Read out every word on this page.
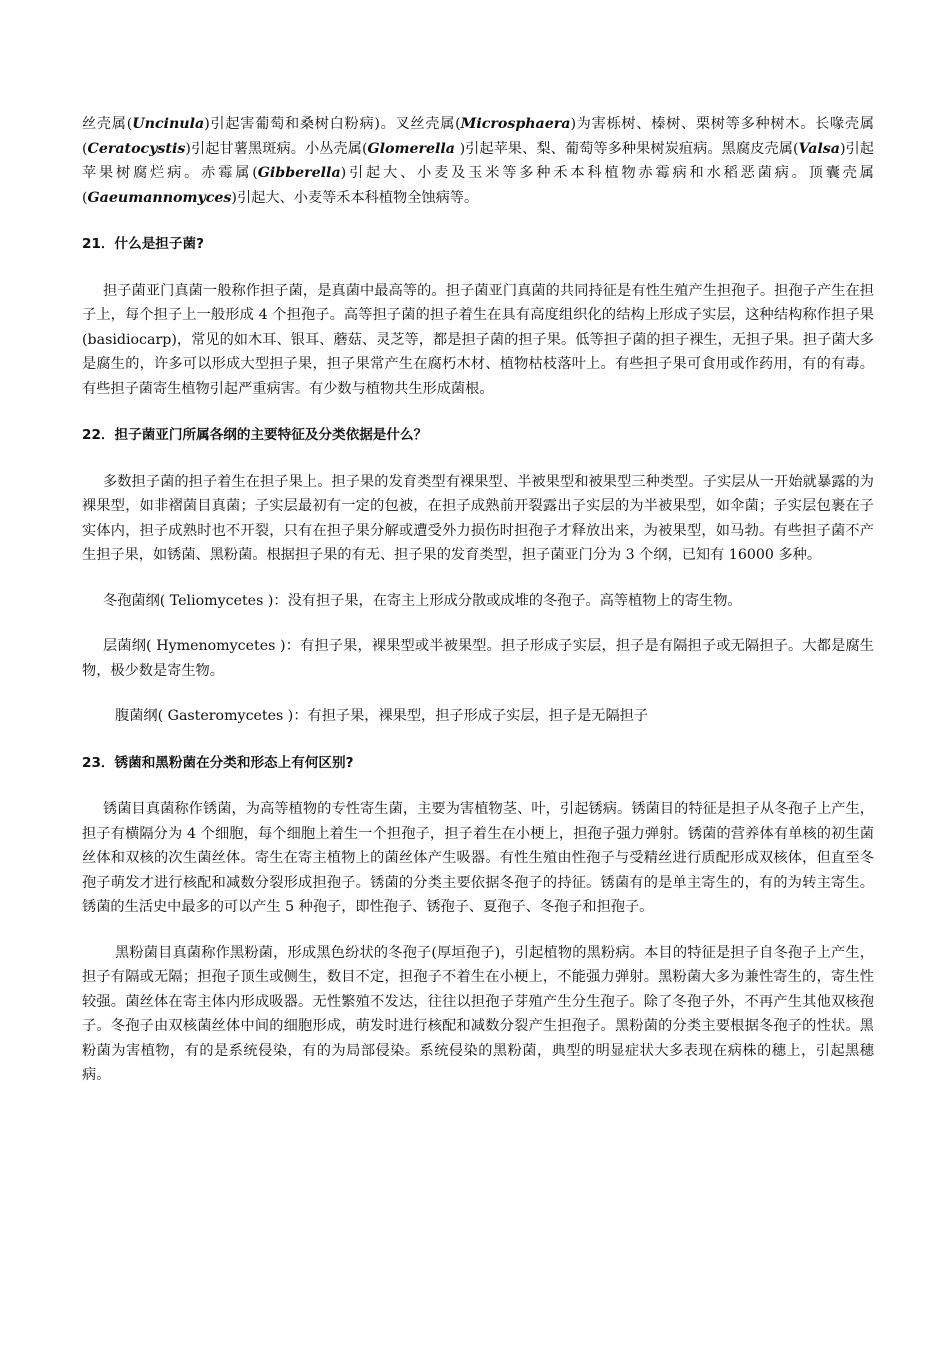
丝壳属(Uncinula)引起害葡萄和桑树白粉病)。叉丝壳属(Microsphaera)为害栎树、榛树、栗树等多种树木。长喙壳属(Ceratocystis)引起甘薯黑斑病。小丛壳属(Glomerella )引起苹果、梨、葡萄等多种果树炭疽病。黑腐皮壳属(Valsa)引起苹果树腐烂病。赤霉属(Gibberella)引起大、小麦及玉米等多种禾本科植物赤霉病和水稻恶菌病。顶囊壳属(Gaeumannomyces)引起大、小麦等禾本科植物全蚀病等。

21．什么是担子菌?

担子菌亚门真菌一般称作担子菌，是真菌中最高等的。担子菌亚门真菌的共同持征是有性生殖产生担孢子。担孢子产生在担子上，每个担子上一般形成 4 个担孢子。高等担子菌的担子着生在具有高度组织化的结构上形成子实层，这种结构称作担子果(basidiocarp)，常见的如木耳、银耳、蘑菇、灵芝等，都是担子菌的担子果。低等担子菌的担子裸生，无担子果。担子菌大多是腐生的，许多可以形成大型担子果，担子果常产生在腐朽木材、植物枯枝落叶上。有些担子果可食用或作药用，有的有毒。有些担子菌寄生植物引起严重病害。有少数与植物共生形成菌根。

22．担子菌亚门所属各纲的主要特征及分类依据是什么？

多数担子菌的担子着生在担子果上。担子果的发育类型有裸果型、半被果型和被果型三种类型。子实层从一开始就暴露的为裸果型，如非褶菌目真菌；子实层最初有一定的包被，在担子成熟前开裂露出子实层的为半被果型，如伞菌；子实层包裹在子实体内，担子成熟时也不开裂，只有在担子果分解或遭受外力损伤时担孢子才释放出来，为被果型，如马勃。有些担子菌不产生担子果，如锈菌、黑粉菌。根据担子果的有无、担子果的发育类型，担子菌亚门分为 3 个纲，已知有 16000 多种。

冬孢菌纲( Teliomycetes )：没有担子果，在寄主上形成分散或成堆的冬孢子。高等植物上的寄生物。

层菌纲( Hymenomycetes )：有担子果，裸果型或半被果型。担子形成子实层，担子是有隔担子或无隔担子。大都是腐生物，极少数是寄生物。

腹菌纲( Gasteromycetes )：有担子果，裸果型，担子形成子实层，担子是无隔担子

23．锈菌和黑粉菌在分类和形态上有何区别?

锈菌目真菌称作锈菌，为高等植物的专性寄生菌，主要为害植物茎、叶，引起锈病。锈菌目的特征是担子从冬孢子上产生，担子有横隔分为 4 个细胞，每个细胞上着生一个担孢子，担子着生在小梗上，担孢子强力弹射。锈菌的营养体有单核的初生菌丝体和双核的次生菌丝体。寄生在寄主植物上的菌丝体产生吸器。有性生殖由性孢子与受精丝进行质配形成双核体，但直至冬孢子萌发才进行核配和减数分裂形成担孢子。锈菌的分类主要依据冬孢子的持征。锈菌有的是单主寄生的，有的为转主寄生。锈菌的生活史中最多的可以产生 5 种孢子，即性孢子、锈孢子、夏孢子、冬孢子和担孢子。

黑粉菌目真菌称作黑粉菌，形成黑色纷状的冬孢子(厚垣孢子)，引起植物的黑粉病。本目的特征是担子自冬孢子上产生，担子有隔或无隔；担孢子顶生或侧生，数目不定，担孢子不着生在小梗上，不能强力弹射。黑粉菌大多为兼性寄生的，寄生性较强。菌丝体在寄主体内形成吸器。无性繁殖不发达，往往以担孢子芽殖产生分生孢子。除了冬孢子外，不再产生其他双核孢子。冬孢子由双核菌丝体中间的细胞形成，萌发时进行核配和减数分裂产生担孢子。黑粉菌的分类主要根据冬孢子的性状。黑粉菌为害植物，有的是系统侵染，有的为局部侵染。系统侵染的黑粉菌，典型的明显症状大多表现在病株的穗上，引起黑穗病。
